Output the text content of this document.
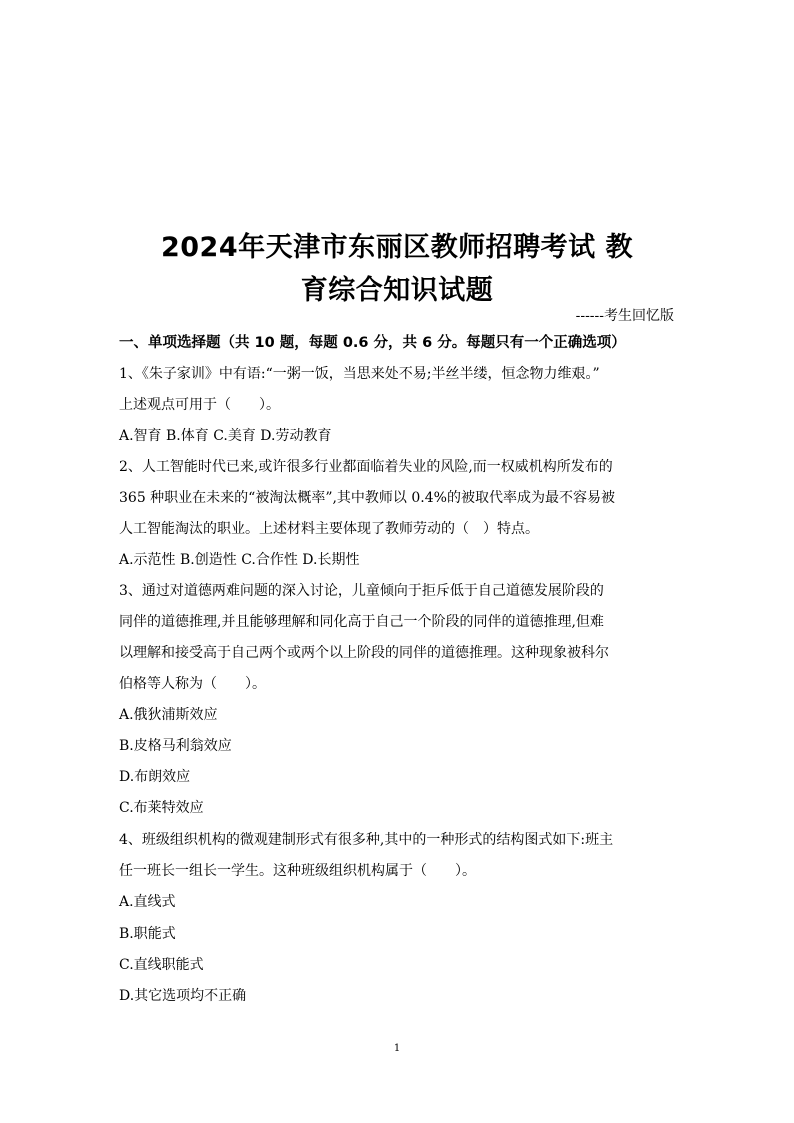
2024年天津市东丽区教师招聘考试 教
育综合知识试题
------考生回忆版
一、单项选择题（共 10 题，每题 0.6 分，共 6 分。每题只有一个正确选项）
1、《朱子家训》中有语:“一粥一饭，当思来处不易;半丝半缕，恒念物力维艰。”
上述观点可用于（　　）。
A.智育 B.体育 C.美育 D.劳动教育
2、人工智能时代已来,或许很多行业都面临着失业的风险,而一权威机构所发布的
365 种职业在未来的“被淘汰概率”,其中教师以 0.4%的被取代率成为最不容易被
人工智能淘汰的职业。上述材料主要体现了教师劳动的（　）特点。
A.示范性 B.创造性 C.合作性 D.长期性
3、通过对道德两难问题的深入讨论，儿童倾向于拒斥低于自己道德发展阶段的
同伴的道德推理,并且能够理解和同化高于自己一个阶段的同伴的道德推理,但难
以理解和接受高于自己两个或两个以上阶段的同伴的道德推理。这种现象被科尔
伯格等人称为（　　）。
A.俄狄浦斯效应
B.皮格马利翁效应
D.布朗效应
C.布莱特效应
4、班级组织机构的微观建制形式有很多种,其中的一种形式的结构图式如下:班主
任一班长一组长一学生。这种班级组织机构属于（　　）。
A.直线式
B.职能式
C.直线职能式
D.其它选项均不正确
1
